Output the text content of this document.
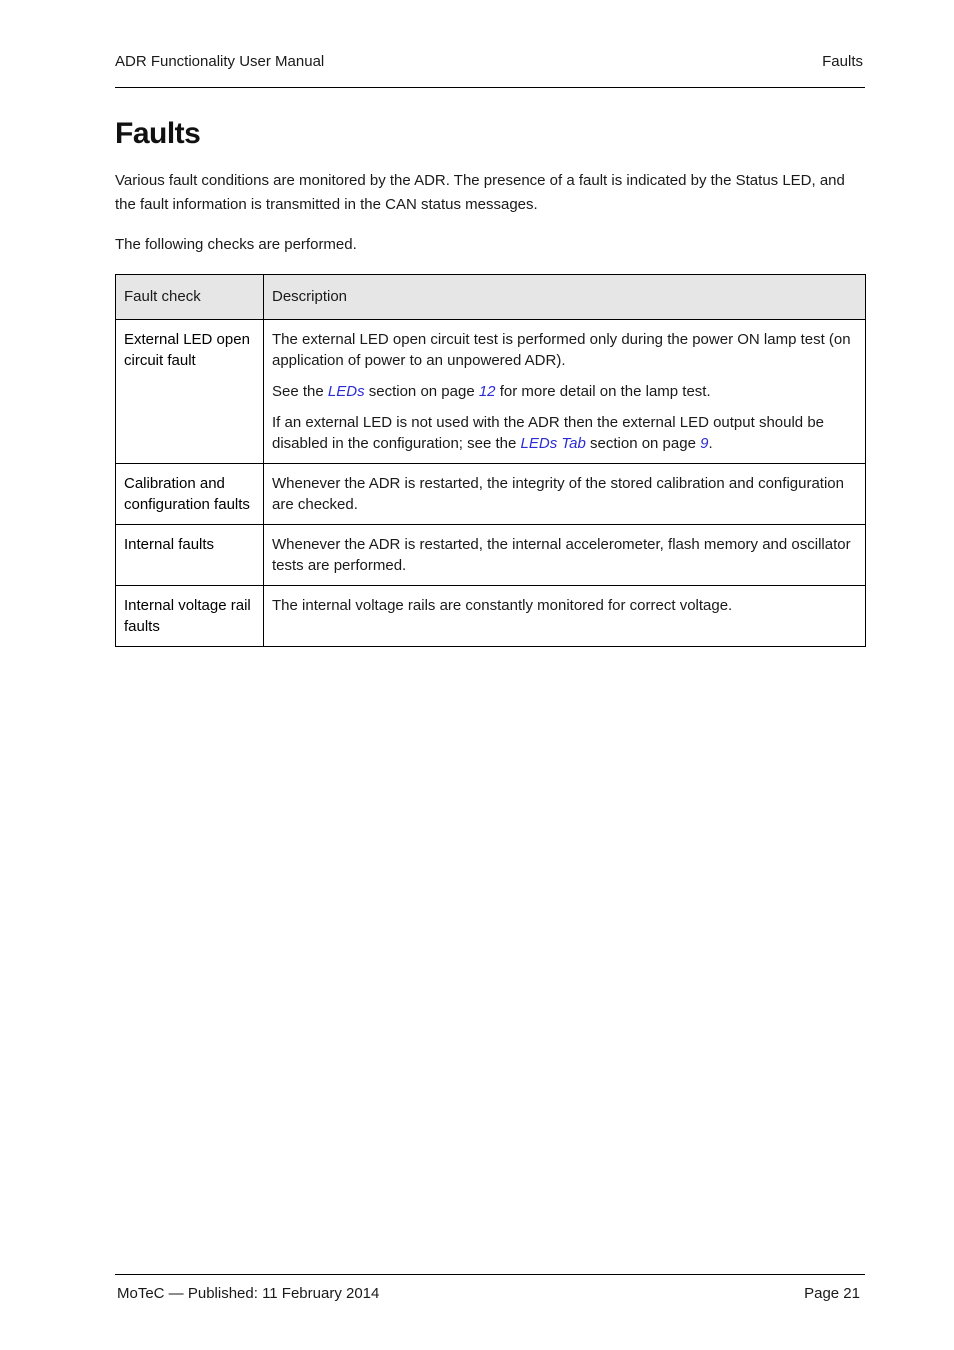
ADR Functionality User Manual	Faults
Faults

Various fault conditions are monitored by the ADR. The presence of a fault is indicated by the Status LED, and the fault information is transmitted in the CAN status messages.

The following checks are performed.

Fault check	Description
External LED open circuit fault	The external LED open circuit test is performed only during the power ON lamp test (on application of power to an unpowered ADR).

See the LEDs section on page 12 for more detail on the lamp test.

If an external LED is not used with the ADR then the external LED output should be disabled in the configuration; see the LEDs Tab section on page 9.

Calibration and configuration faults	Whenever the ADR is restarted, the integrity of the stored calibration and configuration are checked.
Internal faults	Whenever the ADR is restarted, the internal accelerometer, flash memory and oscillator tests are performed.
Internal voltage rail faults	The internal voltage rails are constantly monitored for correct voltage.
MoTeC — Published: 11 February 2014	Page 21
